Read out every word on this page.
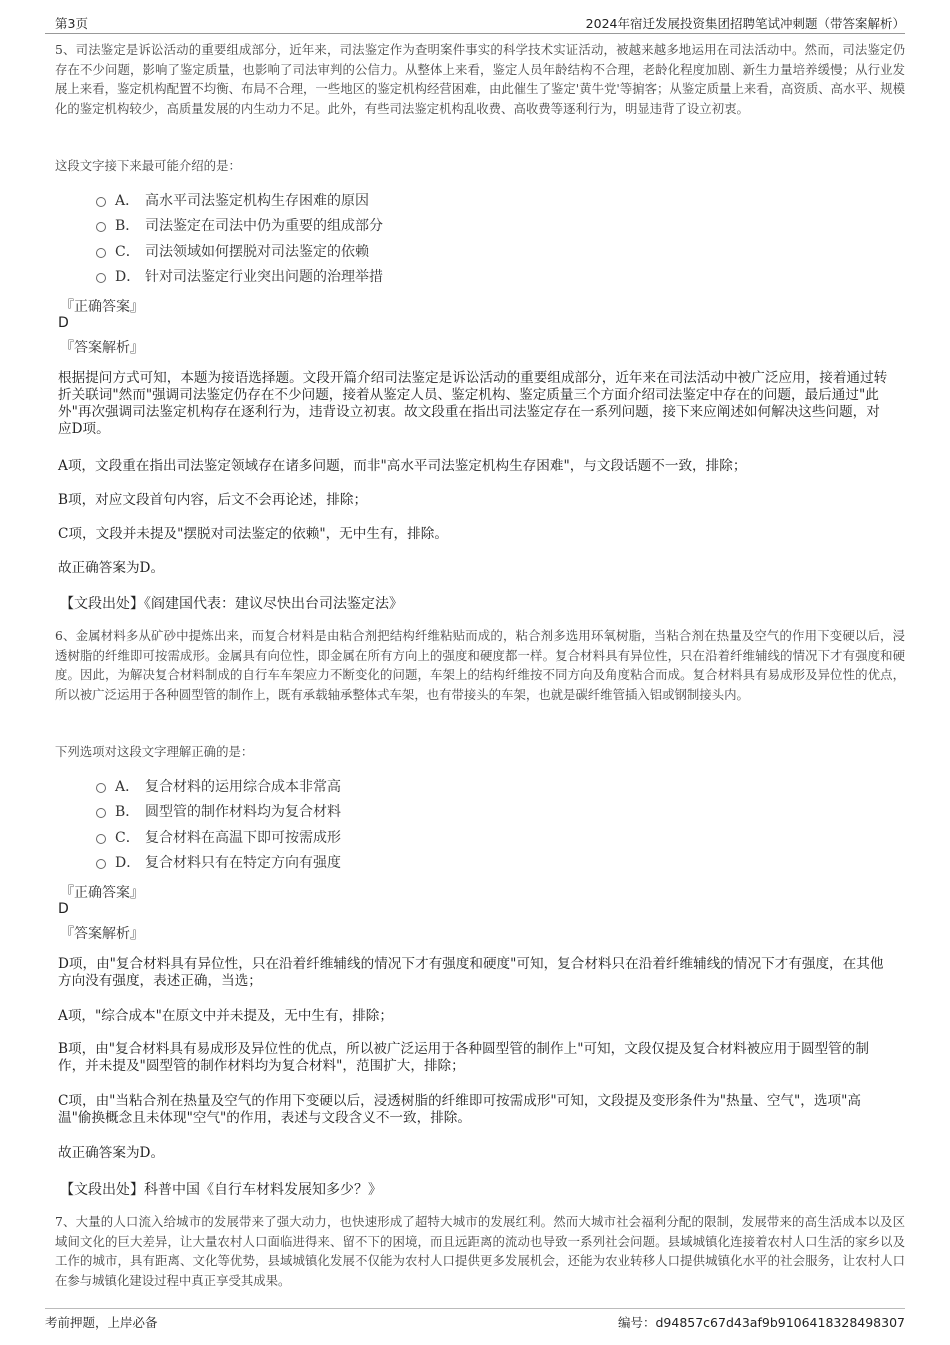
第3页	2024年宿迁发展投资集团招聘笔试冲刺题（带答案解析）
5、司法鉴定是诉讼活动的重要组成部分，近年来，司法鉴定作为查明案件事实的科学技术实证活动，被越来越多地运用在司法活动中。然而，司法鉴定仍存在不少问题，影响了鉴定质量，也影响了司法审判的公信力。从整体上来看，鉴定人员年龄结构不合理，老龄化程度加剧、新生力量培养缓慢；从行业发展上来看，鉴定机构配置不均衡、布局不合理，一些地区的鉴定机构经营困难，由此催生了鉴定'黄牛党'等掮客；从鉴定质量上来看，高资质、高水平、规模化的鉴定机构较少，高质量发展的内生动力不足。此外，有些司法鉴定机构乱收费、高收费等逐利行为，明显违背了设立初衷。
这段文字接下来最可能介绍的是：
A． 高水平司法鉴定机构生存困难的原因
B． 司法鉴定在司法中仍为重要的组成部分
C． 司法领域如何摆脱对司法鉴定的依赖
D． 针对司法鉴定行业突出问题的治理举措
『正确答案』
D
『答案解析』
根据提问方式可知，本题为接语选择题。文段开篇介绍司法鉴定是诉讼活动的重要组成部分，近年来在司法活动中被广泛应用，接着通过转折关联词"然而"强调司法鉴定仍存在不少问题，接着从鉴定人员、鉴定机构、鉴定质量三个方面介绍司法鉴定中存在的问题，最后通过"此外"再次强调司法鉴定机构存在逐利行为，违背设立初衷。故文段重在指出司法鉴定存在一系列问题，接下来应阐述如何解决这些问题，对应D项。
A项，文段重在指出司法鉴定领域存在诸多问题，而非"高水平司法鉴定机构生存困难"，与文段话题不一致，排除；
B项，对应文段首句内容，后文不会再论述，排除；
C项，文段并未提及"摆脱对司法鉴定的依赖"，无中生有，排除。
故正确答案为D。
【文段出处】《阎建国代表：建议尽快出台司法鉴定法》
6、金属材料多从矿砂中提炼出来，而复合材料是由粘合剂把结构纤维粘贴而成的，粘合剂多选用环氧树脂，当粘合剂在热量及空气的作用下变硬以后，浸透树脂的纤维即可按需成形。金属具有向位性，即金属在所有方向上的强度和硬度都一样。复合材料具有异位性，只在沿着纤维辅线的情况下才有强度和硬度。因此，为解决复合材料制成的自行车车架应力不断变化的问题，车架上的结构纤维按不同方向及角度粘合而成。复合材料具有易成形及异位性的优点，所以被广泛运用于各种圆型管的制作上，既有承载轴承整体式车架，也有带接头的车架，也就是碳纤维管插入铝或钢制接头内。
下列选项对这段文字理解正确的是：
A． 复合材料的运用综合成本非常高
B． 圆型管的制作材料均为复合材料
C． 复合材料在高温下即可按需成形
D． 复合材料只有在特定方向有强度
『正确答案』
D
『答案解析』
D项，由"复合材料具有异位性，只在沿着纤维辅线的情况下才有强度和硬度"可知，复合材料只在沿着纤维辅线的情况下才有强度，在其他方向没有强度，表述正确，当选；
A项，"综合成本"在原文中并未提及，无中生有，排除；
B项，由"复合材料具有易成形及异位性的优点，所以被广泛运用于各种圆型管的制作上"可知，文段仅提及复合材料被应用于圆型管的制作，并未提及"圆型管的制作材料均为复合材料"，范围扩大，排除；
C项，由"当粘合剂在热量及空气的作用下变硬以后，浸透树脂的纤维即可按需成形"可知，文段提及变形条件为"热量、空气"，选项"高温"偷换概念且未体现"空气"的作用，表述与文段含义不一致，排除。
故正确答案为D。
【文段出处】科普中国《自行车材料发展知多少？》
7、大量的人口流入给城市的发展带来了强大动力，也快速形成了超特大城市的发展红利。然而大城市社会福利分配的限制，发展带来的高生活成本以及区域间文化的巨大差异，让大量农村人口面临进得来、留不下的困境，而且远距离的流动也导致一系列社会问题。县域城镇化连接着农村人口生活的家乡以及工作的城市，具有距离、文化等优势，县域城镇化发展不仅能为农村人口提供更多发展机会，还能为农业转移人口提供城镇化水平的社会服务，让农村人口在参与城镇化建设过程中真正享受其成果。
考前押题，上岸必备	编号：d94857c67d43af9b9106418328498307
